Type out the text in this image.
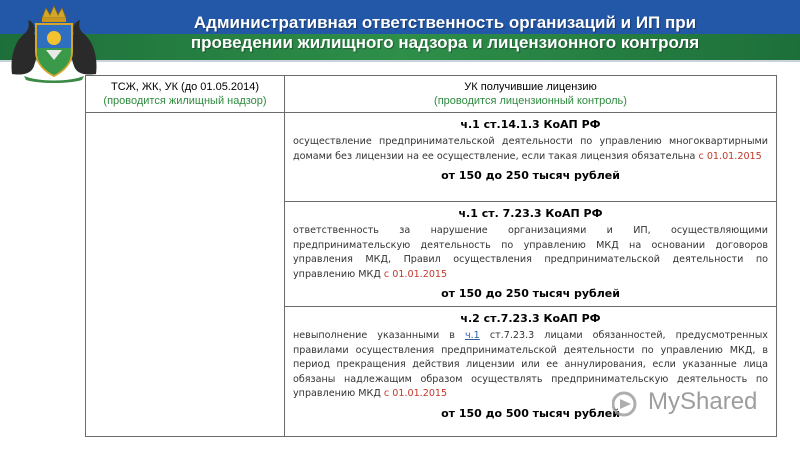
Административная ответственность организаций и ИП при
проведении жилищного надзора и лицензионного контроля
ТСЖ, ЖК, УК (до 01.05.2014)
(проводится жилищный надзор)	УК получившие лицензию
(проводится лицензионный контроль)

	ч.1 ст.14.1.3 КоАП РФ

осуществление предпринимательской деятельности по управлению многоквартирными домами без лицензии на ее осуществление, если такая лицензия обязательна с 01.01.2015

от 150 до 250 тысяч рублей

	ч.1 ст. 7.23.3 КоАП РФ

ответственность за нарушение организациями и ИП, осуществляющими предпринимательскую деятельность по управлению МКД на основании договоров управления МКД, Правил осуществления предпринимательской деятельности по управлению МКД с 01.01.2015

от 150 до 250 тысяч рублей

	ч.2 ст.7.23.3 КоАП РФ

невыполнение указанными в ч.1 ст.7.23.3 лицами обязанностей, предусмотренных правилами осуществления предпринимательской деятельности по управлению МКД, в период прекращения действия лицензии или ее аннулирования, если указанные лица обязаны надлежащим образом осуществлять предпринимательскую деятельность по управлению МКД с 01.01.2015

от 150 до 500 тысяч рублей	MyShared
